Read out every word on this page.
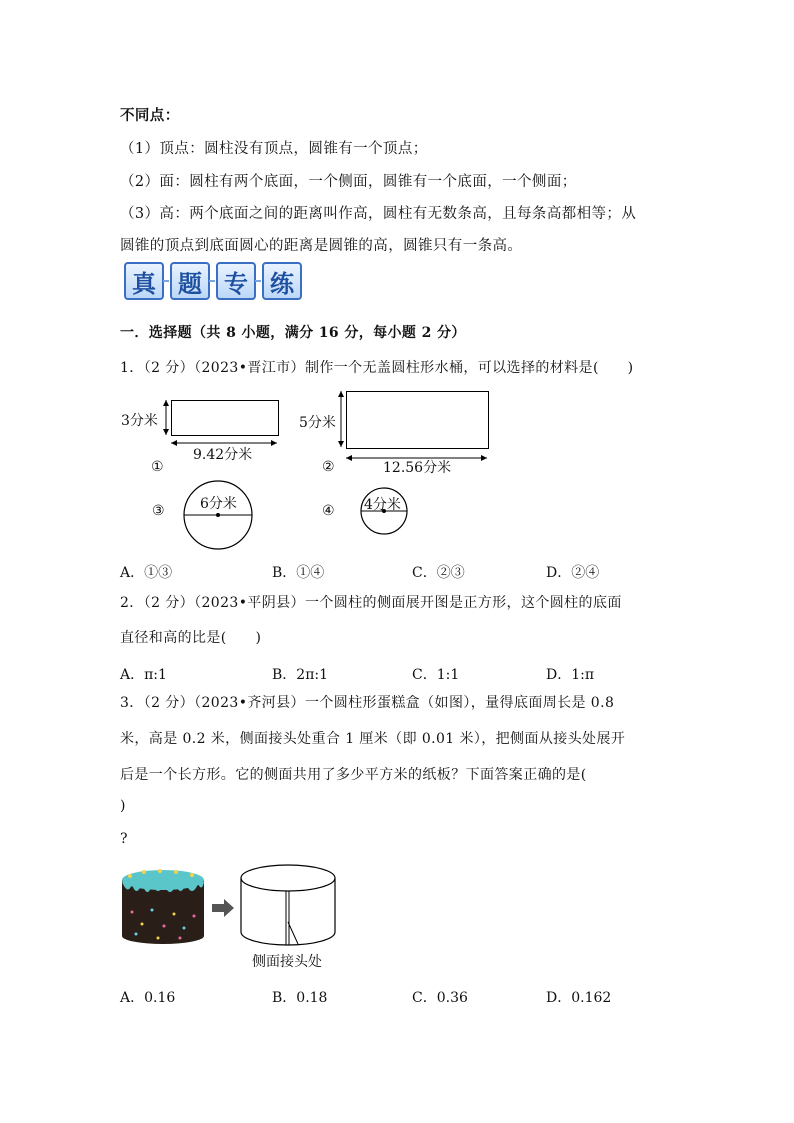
不同点：
（1）顶点：圆柱没有顶点，圆锥有一个顶点；
（2）面：圆柱有两个底面，一个侧面，圆锥有一个底面，一个侧面；
（3）高：两个底面之间的距离叫作高，圆柱有无数条高，且每条高都相等；从
圆锥的顶点到底面圆心的距离是圆锥的高，圆锥只有一条高。
真 题 专 练
一．选择题（共 8 小题，满分 16 分，每小题 2 分）
1．（2 分）（2023•晋江市）制作一个无盖圆柱形水桶，可以选择的材料是(　　)
3分米
9.42分米
①
5分米
12.56分米
②
6分米
③	4分米
④
A．①③	B．①④	C．②③	D．②④
2．（2 分）（2023•平阴县）一个圆柱的侧面展开图是正方形，这个圆柱的底面
直径和高的比是(　　)
A．π:1	B．2π:1	C．1:1	D．1:π
3．（2 分）（2023•齐河县）一个圆柱形蛋糕盒（如图），量得底面周长是 0.8
米，高是 0.2 米，侧面接头处重合 1 厘米（即 0.01 米），把侧面从接头处展开
后是一个长方形。它的侧面共用了多少平方米的纸板？下面答案正确的是(
)
?
侧面接头处
A．0.16	B．0.18	C．0.36	D．0.162
